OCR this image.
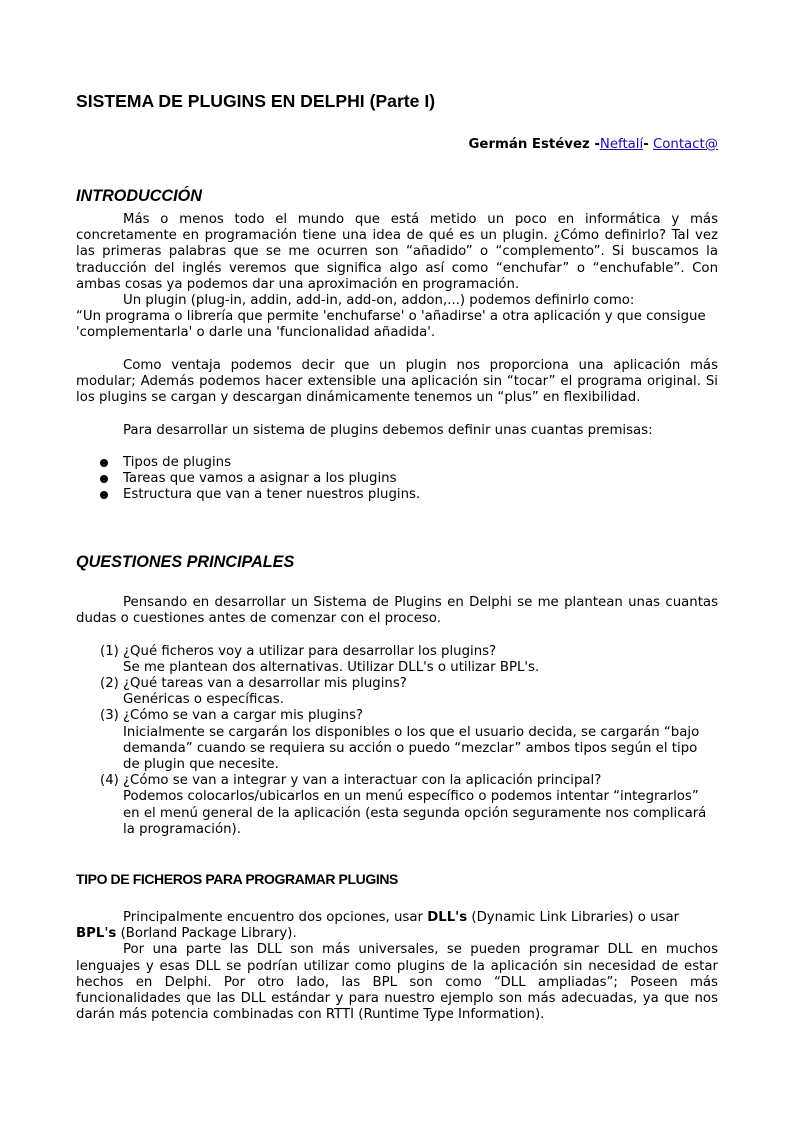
SISTEMA DE PLUGINS EN DELPHI (Parte I)
Germán Estévez -Neftalí- Contact@
INTRODUCCIÓN

Más o menos todo el mundo que está metido un poco en informática y más concretamente en programación tiene una idea de qué es un plugin. ¿Cómo definirlo? Tal vez las primeras palabras que se me ocurren son “añadido” o “complemento”. Si buscamos la traducción del inglés veremos que significa algo así como “enchufar” o “enchufable”. Con ambas cosas ya podemos dar una aproximación en programación.

Un plugin (plug-in, addin, add-in, add-on, addon,...) podemos definirlo como:

“Un programa o librería que permite 'enchufarse' o 'añadirse' a otra aplicación y que consigue 'complementarla' o darle una 'funcionalidad añadida'.

Como ventaja podemos decir que un plugin nos proporciona una aplicación más modular; Además podemos hacer extensible una aplicación sin “tocar” el programa original. Si los plugins se cargan y descargan dinámicamente tenemos un “plus” en flexibilidad.

Para desarrollar un sistema de plugins debemos definir unas cuantas premisas:

Tipos de plugins
Tareas que vamos a asignar a los plugins
Estructura que van a tener nuestros plugins.
QUESTIONES PRINCIPALES

Pensando en desarrollar un Sistema de Plugins en Delphi se me plantean unas cuantas dudas o cuestiones antes de comenzar con el proceso.

(1) ¿Qué ficheros voy a utilizar para desarrollar los plugins?

Se me plantean dos alternativas. Utilizar DLL's o utilizar BPL's.

(2) ¿Qué tareas van a desarrollar mis plugins?

Genéricas o específicas.

(3) ¿Cómo se van a cargar mis plugins?

Inicialmente se cargarán los disponibles o los que el usuario decida, se cargarán “bajo demanda” cuando se requiera su acción o puedo “mezclar” ambos tipos según el tipo de plugin que necesite.

(4) ¿Cómo se van a integrar y van a interactuar con la aplicación principal?

Podemos colocarlos/ubicarlos en un menú específico o podemos intentar “integrarlos” en el menú general de la aplicación (esta segunda opción seguramente nos complicará la programación).

TIPO DE FICHEROS PARA PROGRAMAR PLUGINS

Principalmente encuentro dos opciones, usar DLL's (Dynamic Link Libraries) o usar BPL's (Borland Package Library).

Por una parte las DLL son más universales, se pueden programar DLL en muchos lenguajes y esas DLL se podrían utilizar como plugins de la aplicación sin necesidad de estar hechos en Delphi. Por otro lado, las BPL son como “DLL ampliadas”; Poseen más funcionalidades que las DLL estándar y para nuestro ejemplo son más adecuadas, ya que nos darán más potencia combinadas con RTTI (Runtime Type Information).
